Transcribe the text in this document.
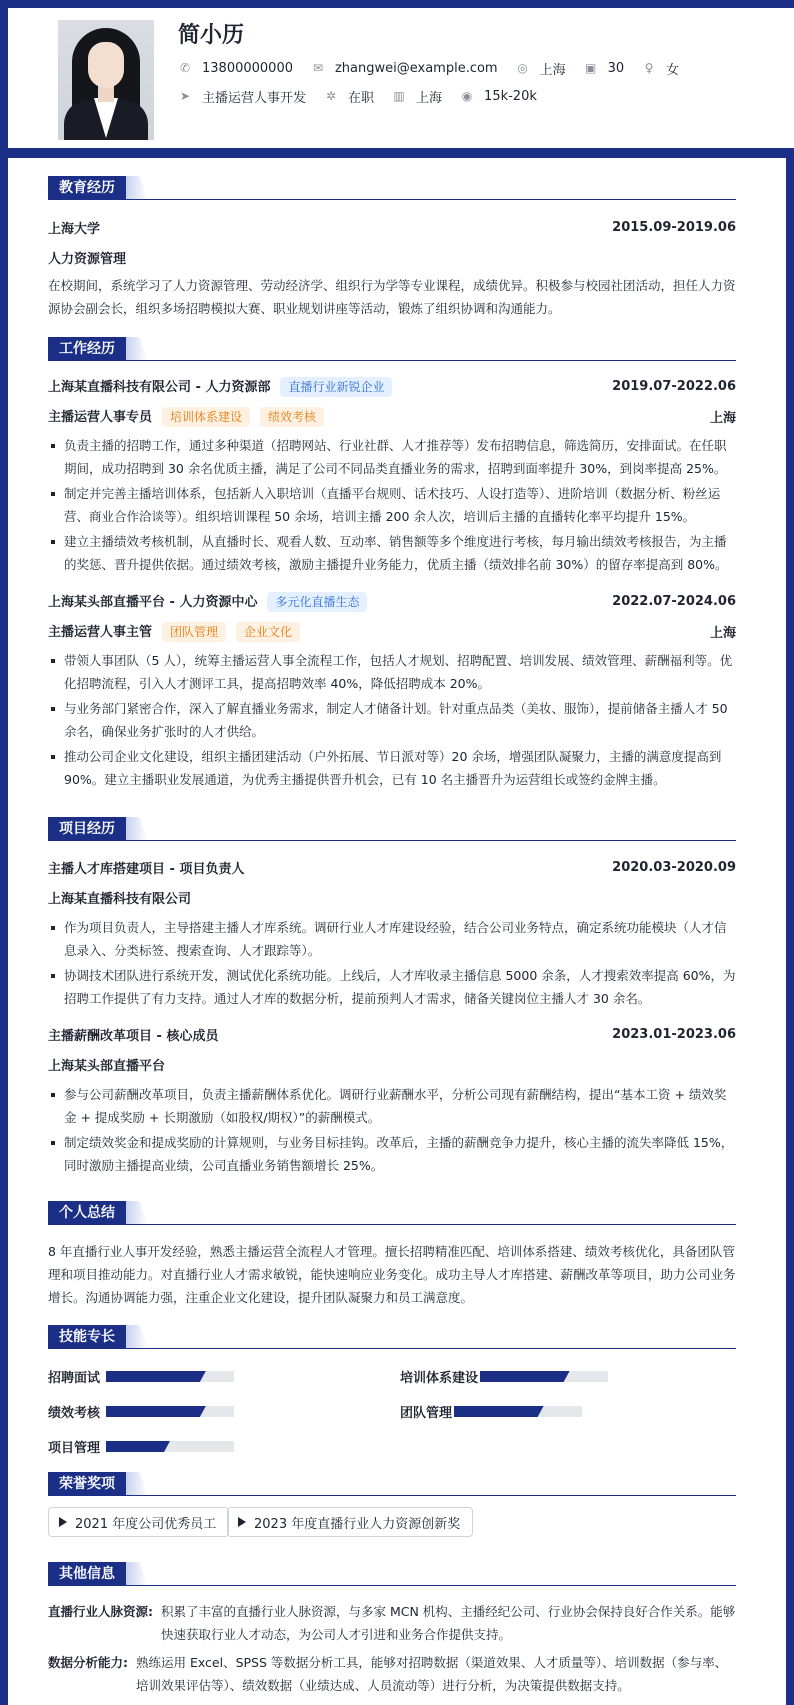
简小历
✆ 13800000000 ✉ zhangwei@example.com ◎ 上海 ▣ 30 ♀ 女
➤ 主播运营人事开发 ✲ 在职 ▥ 上海 ◉ 15k-20k
教育经历
上海大学	2015.09-2019.06
人力资源管理
在校期间，系统学习了人力资源管理、劳动经济学、组织行为学等专业课程，成绩优异。积极参与校园社团活动，担任人力资源协会副会长，组织多场招聘模拟大赛、职业规划讲座等活动，锻炼了组织协调和沟通能力。
工作经历
上海某直播科技有限公司 - 人力资源部 直播行业新锐企业	2019.07-2022.06
主播运营人事专员 培训体系建设 绩效考核	上海
负责主播的招聘工作，通过多种渠道（招聘网站、行业社群、人才推荐等）发布招聘信息，筛选简历，安排面试。在任职期间，成功招聘到 30 余名优质主播，满足了公司不同品类直播业务的需求，招聘到面率提升 30%，到岗率提高 25%。
制定并完善主播培训体系，包括新人入职培训（直播平台规则、话术技巧、人设打造等）、进阶培训（数据分析、粉丝运营、商业合作洽谈等）。组织培训课程 50 余场，培训主播 200 余人次，培训后主播的直播转化率平均提升 15%。
建立主播绩效考核机制，从直播时长、观看人数、互动率、销售额等多个维度进行考核，每月输出绩效考核报告，为主播的奖惩、晋升提供依据。通过绩效考核，激励主播提升业务能力，优质主播（绩效排名前 30%）的留存率提高到 80%。
上海某头部直播平台 - 人力资源中心 多元化直播生态	2022.07-2024.06
主播运营人事主管 团队管理 企业文化	上海
带领人事团队（5 人），统筹主播运营人事全流程工作，包括人才规划、招聘配置、培训发展、绩效管理、薪酬福利等。优化招聘流程，引入人才测评工具，提高招聘效率 40%，降低招聘成本 20%。
与业务部门紧密合作，深入了解直播业务需求，制定人才储备计划。针对重点品类（美妆、服饰），提前储备主播人才 50 余名，确保业务扩张时的人才供给。
推动公司企业文化建设，组织主播团建活动（户外拓展、节日派对等）20 余场，增强团队凝聚力，主播的满意度提高到 90%。建立主播职业发展通道，为优秀主播提供晋升机会，已有 10 名主播晋升为运营组长或签约金牌主播。
项目经历
主播人才库搭建项目 - 项目负责人	2020.03-2020.09
上海某直播科技有限公司
作为项目负责人，主导搭建主播人才库系统。调研行业人才库建设经验，结合公司业务特点，确定系统功能模块（人才信息录入、分类标签、搜索查询、人才跟踪等）。
协调技术团队进行系统开发，测试优化系统功能。上线后，人才库收录主播信息 5000 余条，人才搜索效率提高 60%，为招聘工作提供了有力支持。通过人才库的数据分析，提前预判人才需求，储备关键岗位主播人才 30 余名。
主播薪酬改革项目 - 核心成员	2023.01-2023.06
上海某头部直播平台
参与公司薪酬改革项目，负责主播薪酬体系优化。调研行业薪酬水平，分析公司现有薪酬结构，提出“基本工资 + 绩效奖金 + 提成奖励 + 长期激励（如股权/期权）”的薪酬模式。
制定绩效奖金和提成奖励的计算规则，与业务目标挂钩。改革后，主播的薪酬竞争力提升，核心主播的流失率降低 15%，同时激励主播提高业绩，公司直播业务销售额增长 25%。
个人总结
8 年直播行业人事开发经验，熟悉主播运营全流程人才管理。擅长招聘精准匹配、培训体系搭建、绩效考核优化，具备团队管理和项目推动能力。对直播行业人才需求敏锐，能快速响应业务变化。成功主导人才库搭建、薪酬改革等项目，助力公司业务增长。沟通协调能力强，注重企业文化建设，提升团队凝聚力和员工满意度。
技能专长
招聘面试	培训体系建设
绩效考核	团队管理
项目管理
荣誉奖项
2021 年度公司优秀员工	2023 年度直播行业人力资源创新奖
其他信息
直播行业人脉资源: 积累了丰富的直播行业人脉资源，与多家 MCN 机构、主播经纪公司、行业协会保持良好合作关系。能够快速获取行业人才动态，为公司人才引进和业务合作提供支持。
数据分析能力: 熟练运用 Excel、SPSS 等数据分析工具，能够对招聘数据（渠道效果、人才质量等）、培训数据（参与率、培训效果评估等）、绩效数据（业绩达成、人员流动等）进行分析，为决策提供数据支持。
